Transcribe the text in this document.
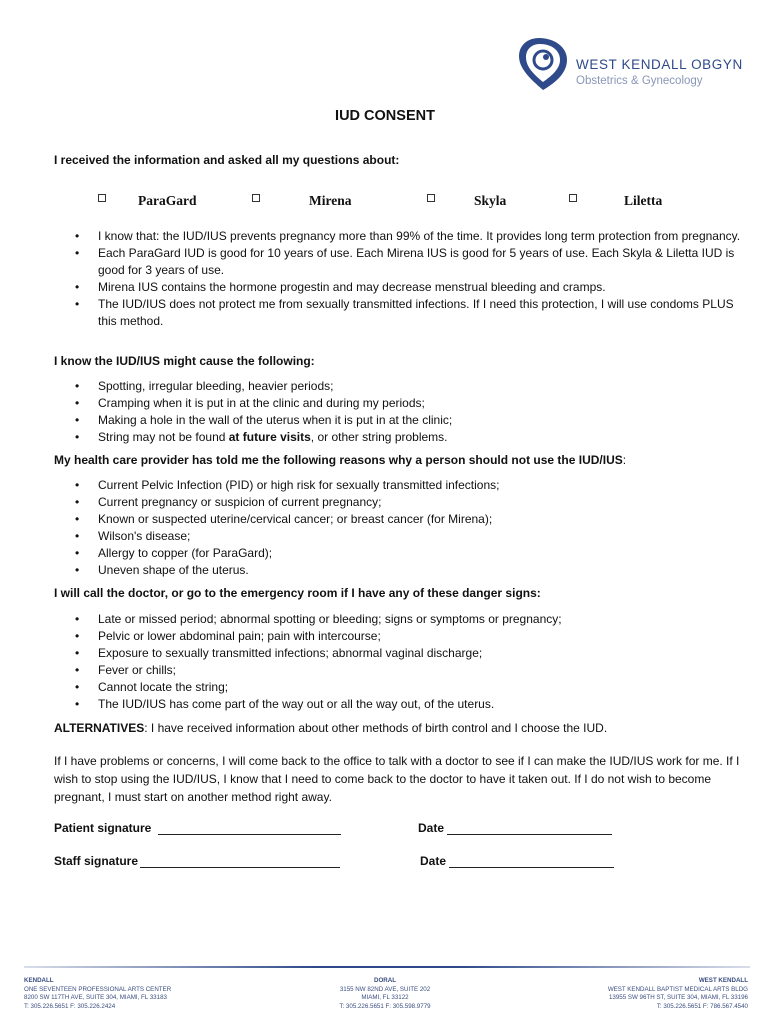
WEST KENDALL OBGYN
Obstetrics & Gynecology
IUD CONSENT
I received the information and asked all my questions about:
ParaGard	Mirena	Skyla	Liletta
• I know that: the IUD/IUS prevents pregnancy more than 99% of the time. It provides long term protection from pregnancy.
• Each ParaGard IUD is good for 10 years of use. Each Mirena IUS is good for 5 years of use. Each Skyla & Liletta IUD is good for 3 years of use.
• Mirena IUS contains the hormone progestin and may decrease menstrual bleeding and cramps.
• The IUD/IUS does not protect me from sexually transmitted infections. If I need this protection, I will use condoms PLUS this method.
I know the IUD/IUS might cause the following:
• Spotting, irregular bleeding, heavier periods;
• Cramping when it is put in at the clinic and during my periods;
• Making a hole in the wall of the uterus when it is put in at the clinic;
• String may not be found at future visits, or other string problems.
My health care provider has told me the following reasons why a person should not use the IUD/IUS:
• Current Pelvic Infection (PID) or high risk for sexually transmitted infections;
• Current pregnancy or suspicion of current pregnancy;
• Known or suspected uterine/cervical cancer; or breast cancer (for Mirena);
• Wilson's disease;
• Allergy to copper (for ParaGard);
• Uneven shape of the uterus.
I will call the doctor, or go to the emergency room if I have any of these danger signs:
• Late or missed period; abnormal spotting or bleeding; signs or symptoms or pregnancy;
• Pelvic or lower abdominal pain; pain with intercourse;
• Exposure to sexually transmitted infections; abnormal vaginal discharge;
• Fever or chills;
• Cannot locate the string;
• The IUD/IUS has come part of the way out or all the way out, of the uterus.
ALTERNATIVES: I have received information about other methods of birth control and I choose the IUD.
If I have problems or concerns, I will come back to the office to talk with a doctor to see if I can make the IUD/IUS work for me. If I wish to stop using the IUD/IUS, I know that I need to come back to the doctor to have it taken out. If I do not wish to become pregnant, I must start on another method right away.
Patient signature	Date
Staff signature	Date
KENDALL
ONE SEVENTEEN PROFESSIONAL ARTS CENTER
8200 SW 117TH AVE, SUITE 304, MIAMI, FL 33183
T: 305.226.5651 F: 305.226.2424
DORAL
3155 NW 82ND AVE, SUITE 202
MIAMI, FL 33122
T: 305.226.5651 F: 305.598.9779
WEST KENDALL
WEST KENDALL BAPTIST MEDICAL ARTS BLDG
13955 SW 96TH ST, SUITE 304, MIAMI, FL 33196
T: 305.226.5651 F: 786.567.4540
